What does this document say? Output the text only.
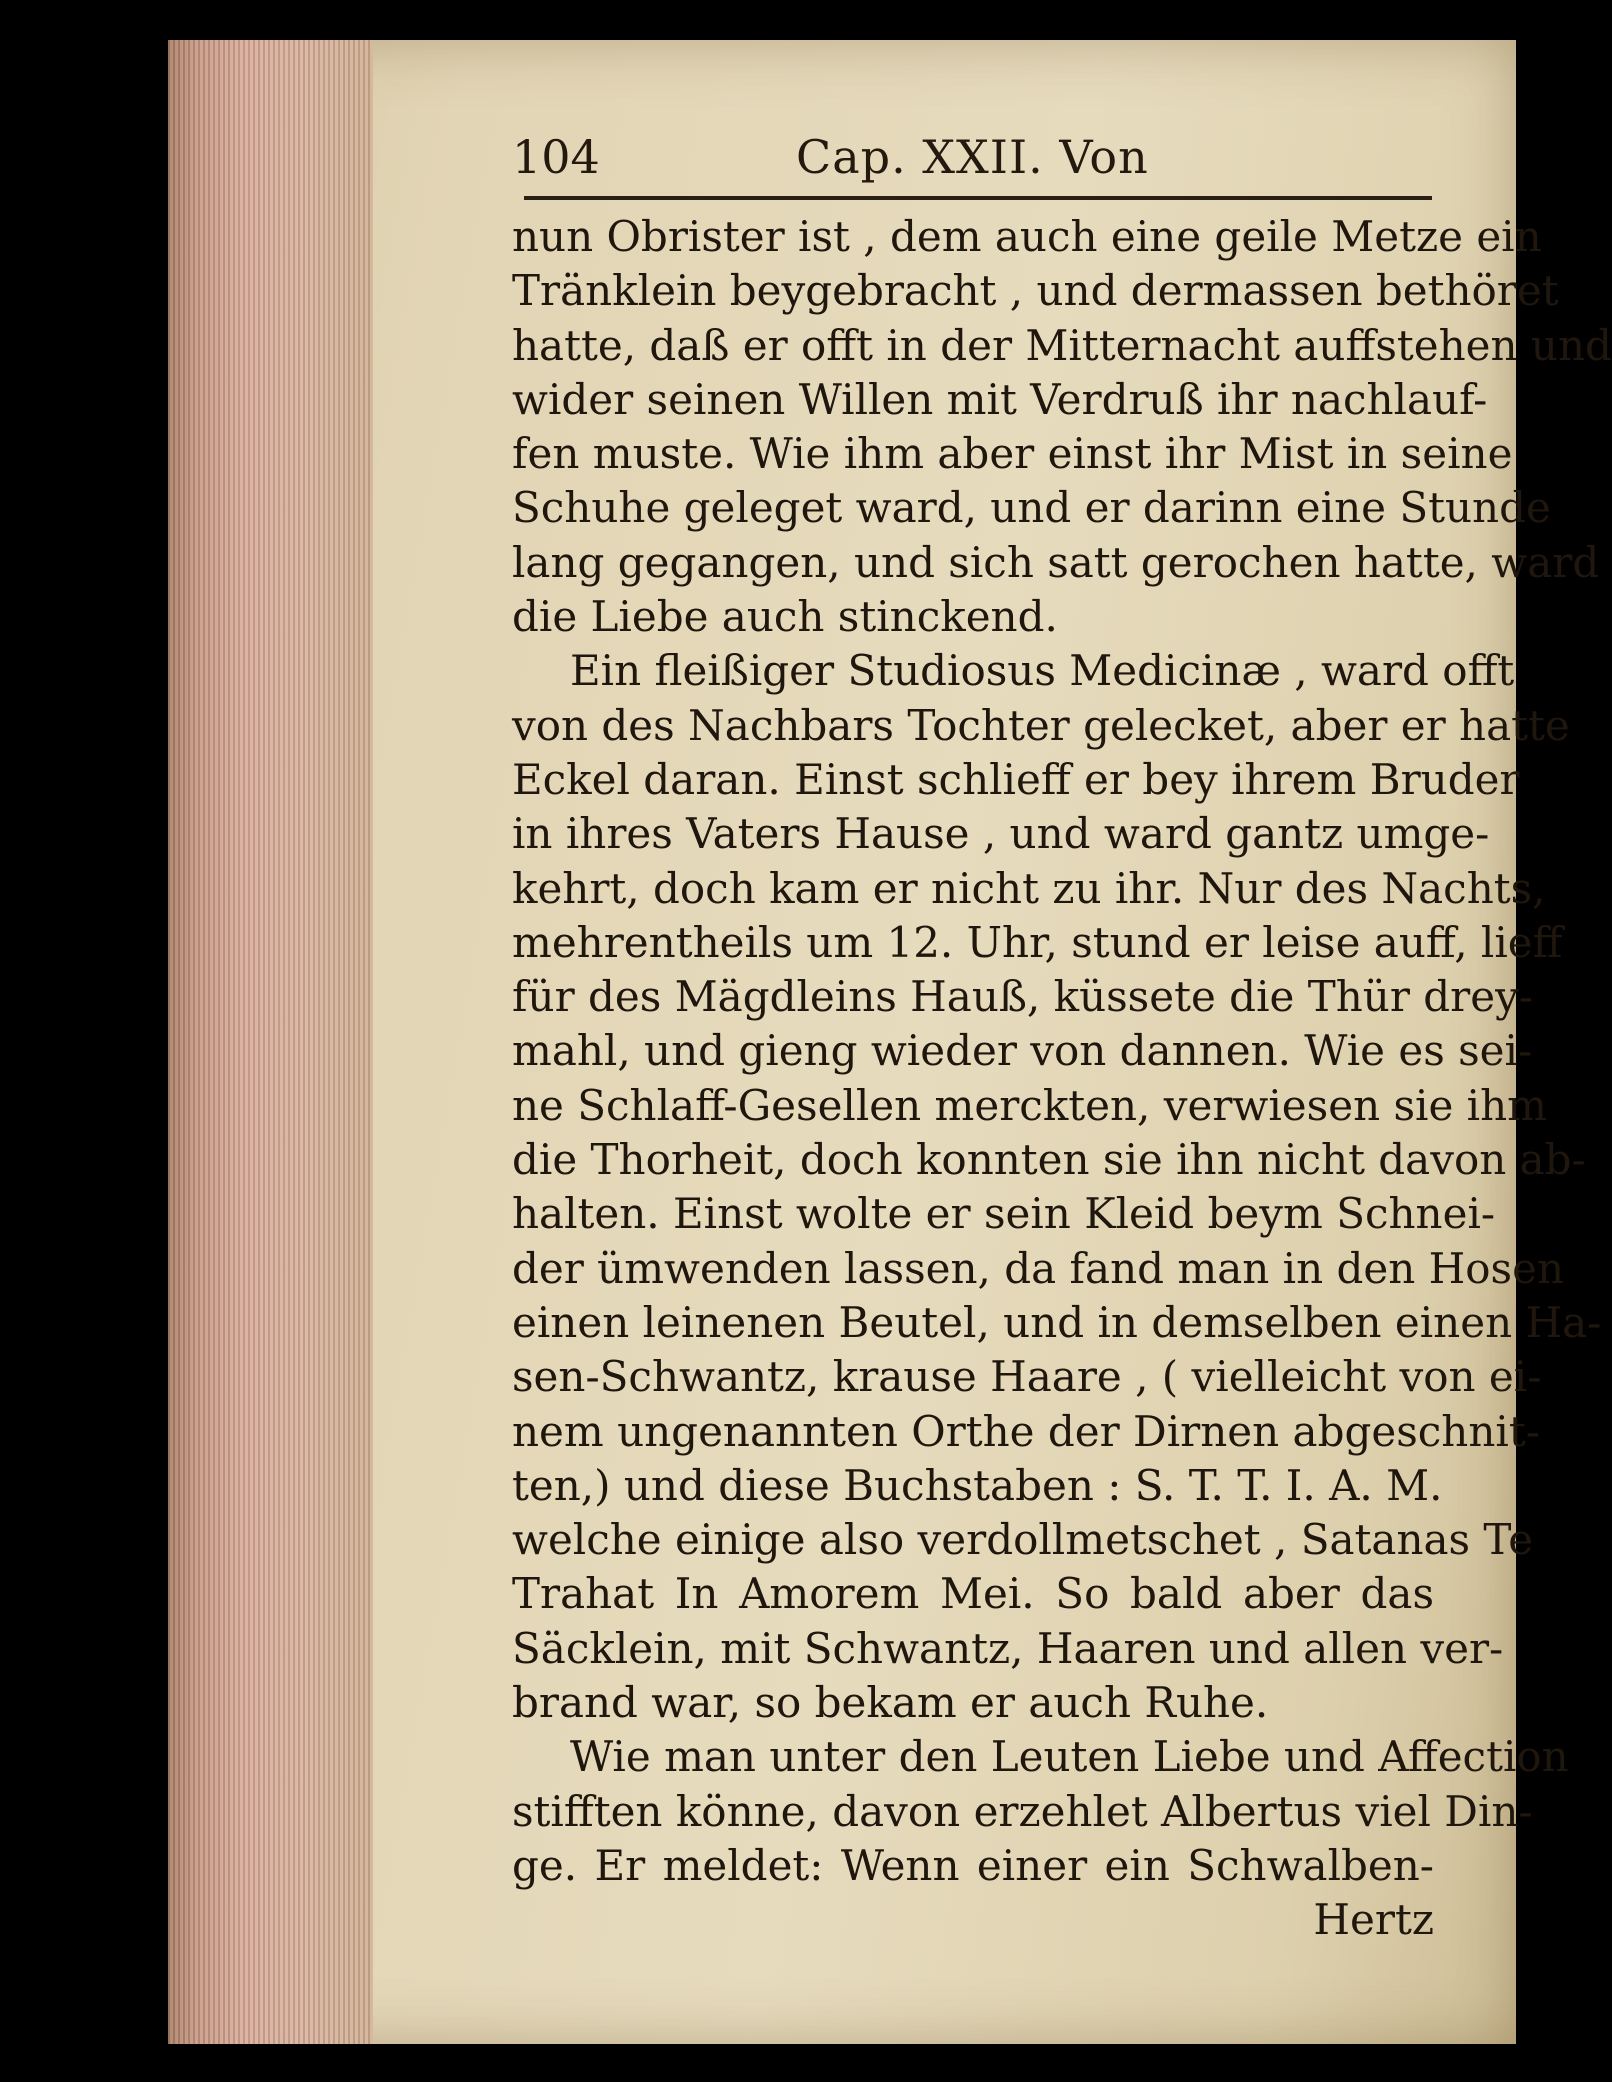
104	Cap. XXII. Von
nun Obrister ist , dem auch eine geile Metze ein
Tränklein beygebracht , und dermassen bethöret
hatte, daß er offt in der Mitternacht auffstehen und
wider seinen Willen mit Verdruß ihr nachlauf-
fen muste. Wie ihm aber einst ihr Mist in seine
Schuhe geleget ward, und er darinn eine Stunde
lang gegangen, und sich satt gerochen hatte, ward
die Liebe auch stinckend.
Ein fleißiger Studiosus Medicinæ , ward offt
von des Nachbars Tochter gelecket, aber er hatte
Eckel daran. Einst schlieff er bey ihrem Bruder
in ihres Vaters Hause , und ward gantz umge-
kehrt, doch kam er nicht zu ihr. Nur des Nachts,
mehrentheils um 12. Uhr, stund er leise auff, lieff
für des Mägdleins Hauß, küssete die Thür drey-
mahl, und gieng wieder von dannen. Wie es sei-
ne Schlaff-Gesellen merckten, verwiesen sie ihm
die Thorheit, doch konnten sie ihn nicht davon ab-
halten. Einst wolte er sein Kleid beym Schnei-
der ümwenden lassen, da fand man in den Hosen
einen leinenen Beutel, und in demselben einen Ha-
sen-Schwantz, krause Haare , ( vielleicht von ei-
nem ungenannten Orthe der Dirnen abgeschnit-
ten,) und diese Buchstaben : S. T. T. I. A. M.
welche einige also verdollmetschet , Satanas Te
Trahat In Amorem Mei. So bald aber das
Säcklein, mit Schwantz, Haaren und allen ver-
brand war, so bekam er auch Ruhe.
Wie man unter den Leuten Liebe und Affection
stifften könne, davon erzehlet Albertus viel Din-
ge. Er meldet: Wenn einer ein Schwalben-
Hertz
